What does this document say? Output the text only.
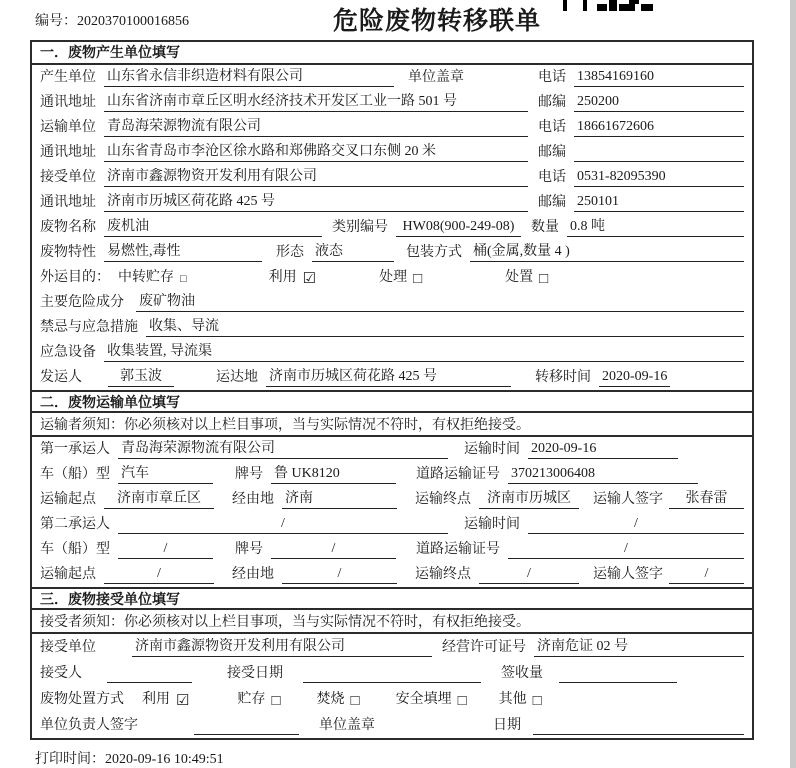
编号：2020370100016856	危险废物转移联单
一．废物产生单位填写
产生单位 山东省永信非织造材料有限公司	单位盖章	电话 13854169160
通讯地址 山东省济南市章丘区明水经济技术开发区工业一路 501 号	邮编 250200
运输单位 青岛海荣源物流有限公司	电话 18661672606
通讯地址 山东省青岛市李沧区徐水路和郑佛路交叉口东侧 20 米	邮编
接受单位 济南市鑫源物资开发利用有限公司	电话 0531-82095390
通讯地址 济南市历城区荷花路 425 号	邮编 250101
废物名称 废机油	类别编号	HW08(900-249-08)	数量 0.8 吨
废物特性 易燃性,毒性	形态 液态	包装方式 桶(金属,数量 4 )
外运目的： 中转贮存 □	利用 ☑	处理 □	处置 □
主要危险成分 废矿物油
禁忌与应急措施 收集、导流
应急设备 收集装置, 导流渠
发运人	郭玉波	运达地 济南市历城区荷花路 425 号	转移时间 2020-09-16
二．废物运输单位填写
运输者须知：你必须核对以上栏目事项，当与实际情况不符时，有权拒绝接受。
第一承运人 青岛海荣源物流有限公司	运输时间 2020-09-16
车（船）型 汽车	牌号 鲁 UK8120	道路运输证号 370213006408
运输起点	济南市章丘区	经由地 济南	运输终点	济南市历城区	运输人签字	张春雷
第二承运人	/	运输时间	/
车（船）型	/	牌号	/	道路运输证号	/
运输起点	/	经由地	/	运输终点	/	运输人签字	/
三．废物接受单位填写
接受者须知：你必须核对以上栏目事项，当与实际情况不符时，有权拒绝接受。
接受单位	济南市鑫源物资开发利用有限公司	经营许可证号 济南危证 02 号
接受人	接受日期	签收量
废物处置方式 利用 ☑	贮存 □	焚烧 □	安全填埋 □ 其他 □
单位负责人签字	单位盖章	日期
打印时间：2020-09-16 10:49:51
